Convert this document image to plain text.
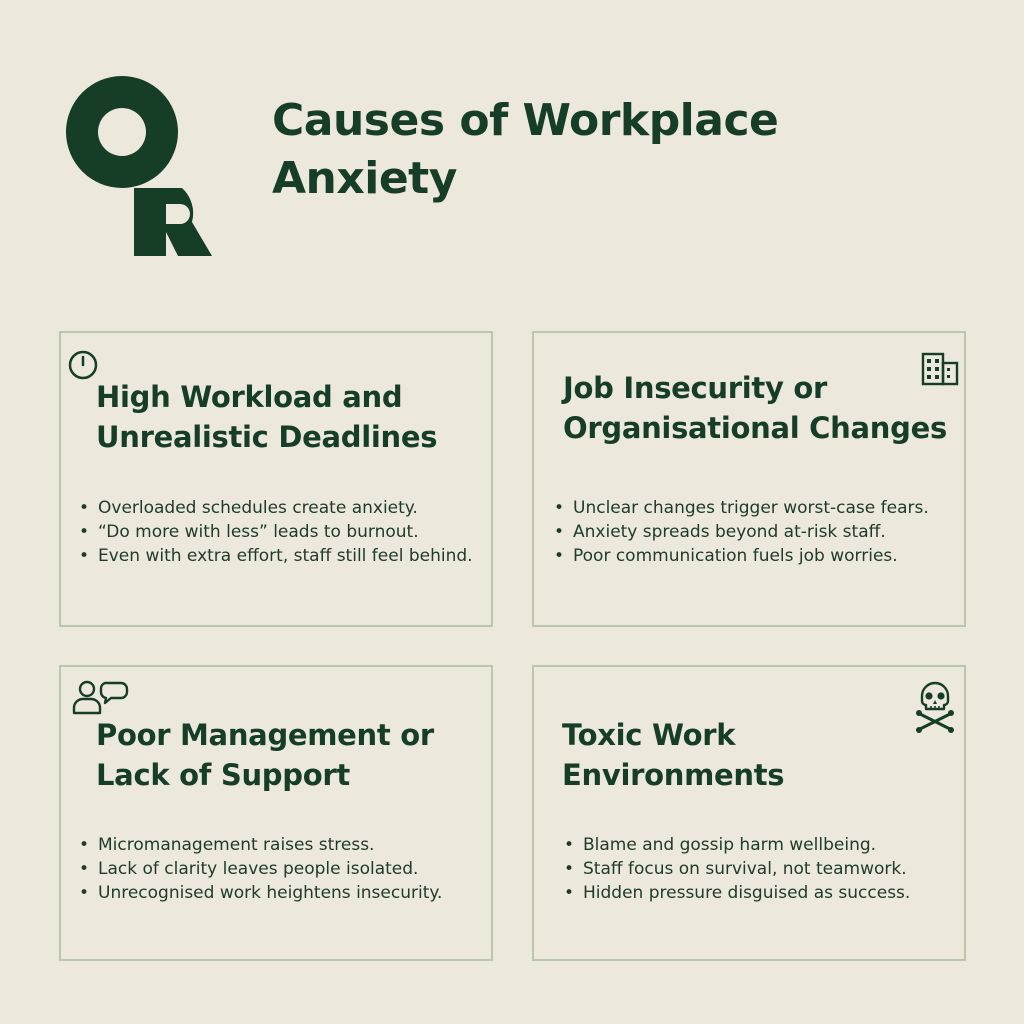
Causes of Workplace
Anxiety
High Workload and
Unrealistic Deadlines
• Overloaded schedules create anxiety.
• “Do more with less” leads to burnout.
• Even with extra effort, staff still feel behind.
Job Insecurity or
Organisational Changes
• Unclear changes trigger worst-case fears.
• Anxiety spreads beyond at-risk staff.
• Poor communication fuels job worries.
Poor Management or
Lack of Support
• Micromanagement raises stress.
• Lack of clarity leaves people isolated.
• Unrecognised work heightens insecurity.
Toxic Work
Environments
• Blame and gossip harm wellbeing.
• Staff focus on survival, not teamwork.
• Hidden pressure disguised as success.
